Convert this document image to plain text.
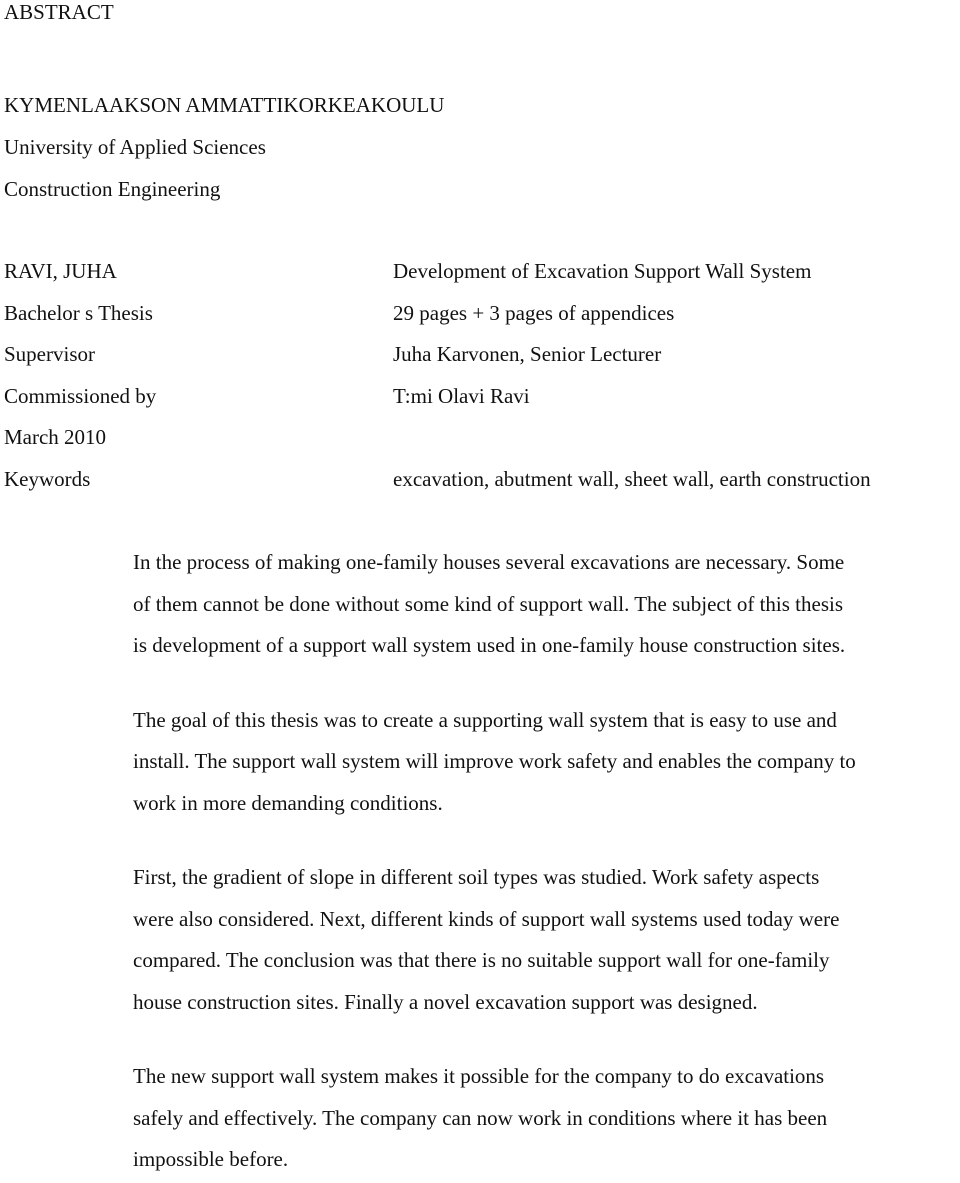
ABSTRACT
KYMENLAAKSON AMMATTIKORKEAKOULU
University of Applied Sciences
Construction Engineering
RAVI, JUHA	Development of Excavation Support Wall System
Bachelor s Thesis	29 pages + 3 pages of appendices
Supervisor	Juha Karvonen, Senior Lecturer
Commissioned by	T:mi Olavi Ravi
March 2010
Keywords	excavation, abutment wall, sheet wall, earth construction

In the process of making one-family houses several excavations are necessary. Some
of them cannot be done without some kind of support wall. The subject of this thesis
is development of a support wall system used in one-family house construction sites.

The goal of this thesis was to create a supporting wall system that is easy to use and
install. The support wall system will improve work safety and enables the company to
work in more demanding conditions.

First, the gradient of slope in different soil types was studied. Work safety aspects
were also considered. Next, different kinds of support wall systems used today were
compared. The conclusion was that there is no suitable support wall for one-family
house construction sites. Finally a novel excavation support was designed.

The new support wall system makes it possible for the company to do excavations
safely and effectively. The company can now work in conditions where it has been
impossible before.
